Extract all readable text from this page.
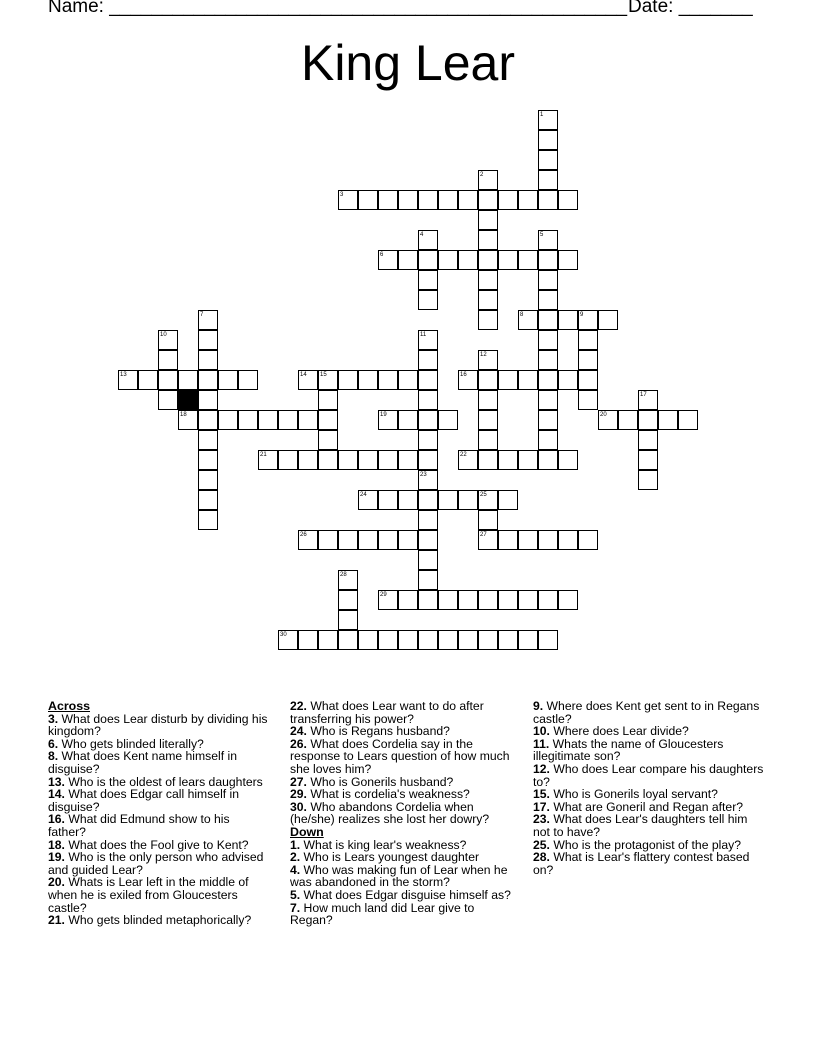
Name: _________________________________________________ Date: _______
King Lear
3
6
8	9
13	14 15	16
18	19	20
21	22
24	25
26	27
29
30
1
2
4	5
7
10	11
23
12
17
28
Across
3. What does Lear disturb by dividing his kingdom?
6. Who gets blinded literally?
8. What does Kent name himself in disguise?
13. Who is the oldest of lears daughters
14. What does Edgar call himself in disguise?
16. What did Edmund show to his father?
18. What does the Fool give to Kent?
19. Who is the only person who advised and guided Lear?
20. Whats is Lear left in the middle of when he is exiled from Gloucesters castle?
21. Who gets blinded metaphorically?
22. What does Lear want to do after transferring his power?
24. Who is Regans husband?
26. What does Cordelia say in the response to Lears question of how much she loves him?
27. Who is Gonerils husband?
29. What is cordelia's weakness?
30. Who abandons Cordelia when (he/she) realizes she lost her dowry?
Down
1. What is king lear's weakness?
2. Who is Lears youngest daughter
4. Who was making fun of Lear when he was abandoned in the storm?
5. What does Edgar disguise himself as?
7. How much land did Lear give to Regan?
9. Where does Kent get sent to in Regans castle?
10. Where does Lear divide?
11. Whats the name of Gloucesters illegitimate son?
12. Who does Lear compare his daughters to?
15. Who is Gonerils loyal servant?
17. What are Goneril and Regan after?
23. What does Lear's daughters tell him not to have?
25. Who is the protagonist of the play?
28. What is Lear's flattery contest based on?
